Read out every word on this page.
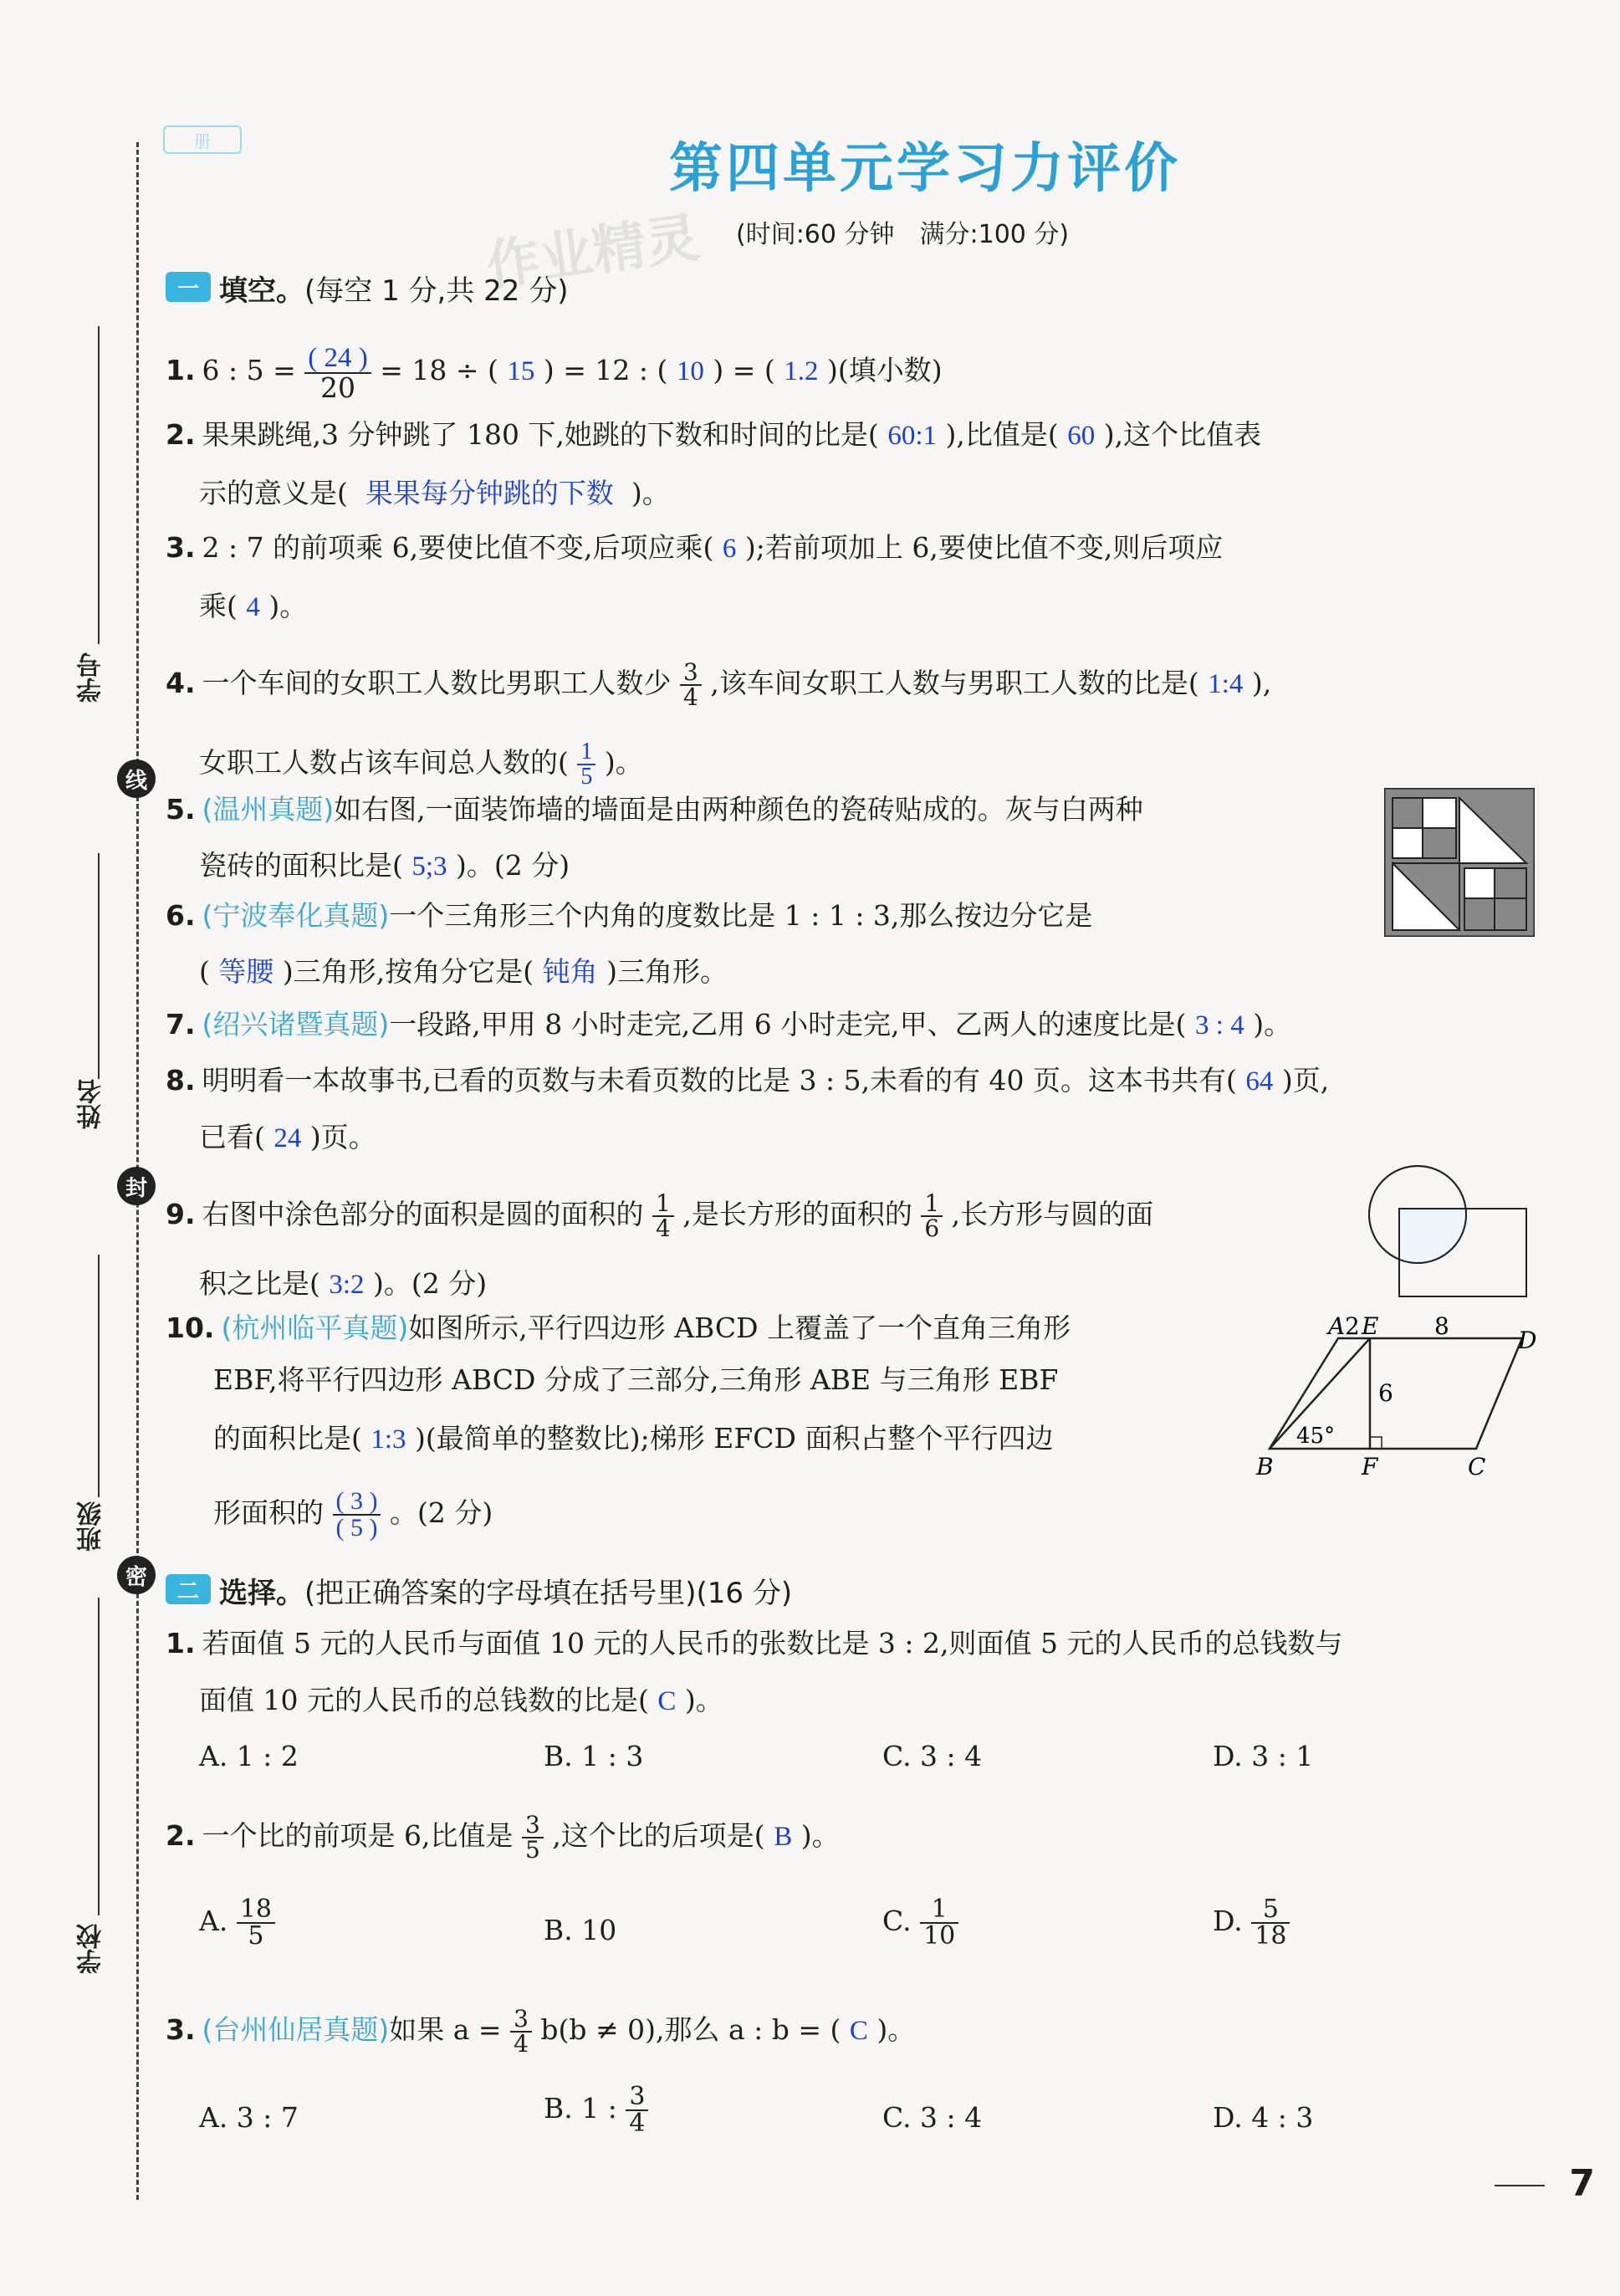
学号
线
姓名
封
班级
密
学校
册	第四单元学习力评价
(时间:60 分钟　满分:100 分)
作业精灵
一 填空。(每空 1 分,共 22 分)
1. 6 : $5 = \frac{( 24 )}{20} = 18$ ÷ ( 15 ) = 12 : ( 10 ) = ( 1.2 )(填小数)
2. 果果跳绳,3 分钟跳了 180 下,她跳的下数和时间的比是( 60:1 ),比值是( 60 ),这个比值表
示的意义是( 果果每分钟跳的下数 )。
3. 2 : 7 的前项乘 6,要使比值不变,后项应乘( 6 );若前项加上 6,要使比值不变,则后项应
乘( 4 )。
4. 一个车间的女职工人数比男职工人数少 $\frac{3}{4}$ ,该车间女职工人数与男职工人数的比是( 1:4 ),
女职工人数占该车间总人数的( $\frac{1}{5}$ )。
5. (温州真题)如右图,一面装饰墙的墙面是由两种颜色的瓷砖贴成的。灰与白两种
瓷砖的面积比是( 5;3 )。(2 分)
6. (宁波奉化真题)一个三角形三个内角的度数比是 1 : 1 : 3,那么按边分它是
( 等腰 )三角形,按角分它是( 钝角 )三角形。
7. (绍兴诸暨真题)一段路,甲用 8 小时走完,乙用 6 小时走完,甲、乙两人的速度比是( 3 : 4 )。
8. 明明看一本故事书,已看的页数与未看页数的比是 3 : 5,未看的有 40 页。这本书共有( 64 )页,
已看( 24 )页。
9. 右图中涂色部分的面积是圆的面积的 $\frac{1}{4}$ ,是长方形的面积的 $\frac{1}{6}$ ,长方形与圆的面
积之比是( 3:2 )。(2 分)
10. (杭州临平真题)如图所示,平行四边形 ABCD 上覆盖了一个直角三角形
EBF,将平行四边形 ABCD 分成了三部分,三角形 ABE 与三角形 EBF
的面积比是( 1:3 )(最简单的整数比);梯形 EFCD 面积占整个平行四边
形面积的 $\frac{( 3 )}{( 5 )}$ 。(2 分)
A 2 E 8
D
6
45°
B	F	C
二 选择。(把正确答案的字母填在括号里)(16 分)
1. 若面值 5 元的人民币与面值 10 元的人民币的张数比是 3 : 2,则面值 5 元的人民币的总钱数与
面值 10 元的人民币的总钱数的比是( C )。
A. 1 : 2	B. 1 : 3	C. 3 : 4	D. 3 : 1
2. 一个比的前项是 6,比值是 $\frac{3}{5}$ ,这个比的后项是( B )。
A. $\frac{18}{5}$	B. 10	C. $\frac{1}{10}$	D. $\frac{5}{18}$
3. (台州仙居真题)如果 $a = \frac{3}{4} b(b \ne 0)$,那么 a : b = ( C )。
A. 3 : 7	B. 1 : $\frac{3}{4}$	C. 3 : 4	D. 4 : 3
7
